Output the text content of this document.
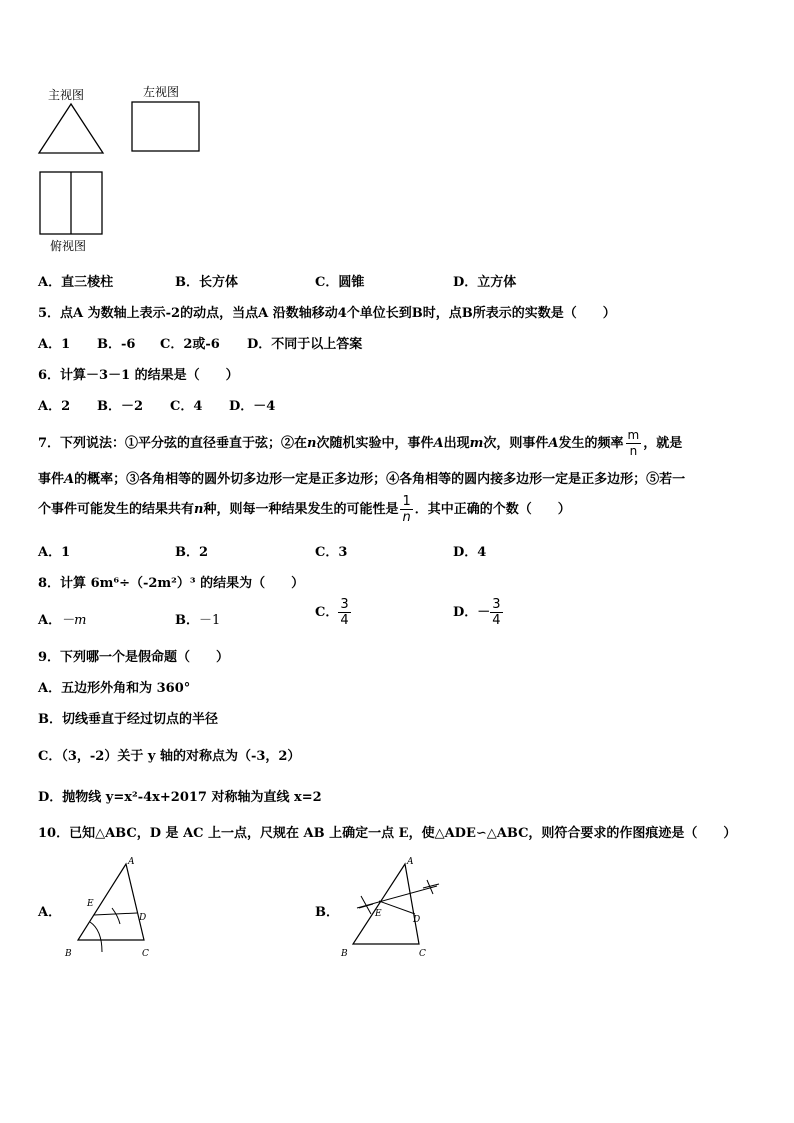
主视图	左视图
俯视图
A．直三棱柱	B．长方体	C．圆锥	D．立方体
5．点A 为数轴上表示-2的动点，当点A 沿数轴移动4个单位长到B时，点B所表示的实数是（　　）
A．1 B．-6 C．2或-6 D．不同于以上答案
6．计算－3－1 的结果是（　　）
A．2 B．－2 C．4 D．－4
7．下列说法：①平分弦的直径垂直于弦；②在n次随机实验中，事件A出现m次，则事件A发生的频率 $\frac{m}{n}$ ，就是
事件A的概率；③各角相等的圆外切多边形一定是正多边形；④各角相等的圆内接多边形一定是正多边形；⑤若一
个事件可能发生的结果共有n种，则每一种结果发生的可能性是 $\frac{1}{n}$ ．其中正确的个数（　　）
A．1	B．2	C．3	D．4
8．计算 6m⁶÷（-2m²）³ 的结果为（　　）
A．－m	B．－1
C． $\frac{3}{4}$	D．－ $\frac{3}{4}$
9．下列哪一个是假命题（　　）
A．五边形外角和为 360°
B．切线垂直于经过切点的半径
C．（3，-2）关于 y 轴的对称点为（-3，2）
D．抛物线 y=x²-4x+2017 对称轴为直线 x=2
10．已知△ABC，D 是 AC 上一点，尺规在 AB 上确定一点 E，使△ADE∽△ABC，则符合要求的作图痕迹是（　　）
A．	B．
A
E
D
B	C
A
E
D
B	C
